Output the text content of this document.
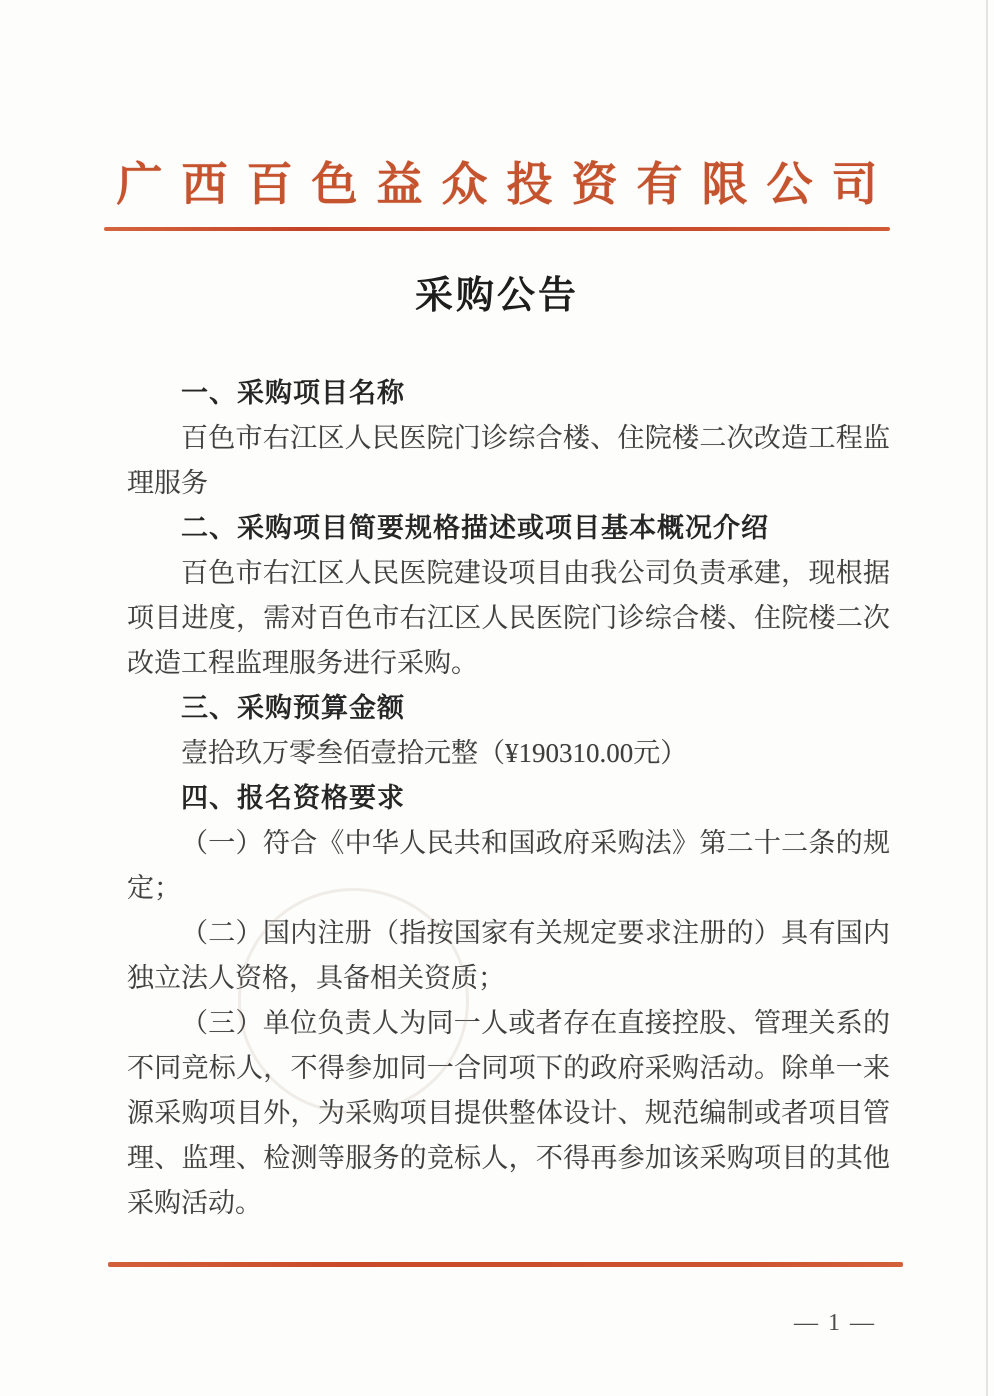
广西百色益众投资有限公司
采购公告
一、采购项目名称

百色市右江区人民医院门诊综合楼、住院楼二次改造工程监理服务

二、采购项目简要规格描述或项目基本概况介绍

百色市右江区人民医院建设项目由我公司负责承建，现根据项目进度，需对百色市右江区人民医院门诊综合楼、住院楼二次改造工程监理服务进行采购。

三、采购预算金额

壹拾玖万零叁佰壹拾元整（¥190310.00元）

四、报名资格要求

（一）符合《中华人民共和国政府采购法》第二十二条的规定；

（二）国内注册（指按国家有关规定要求注册的）具有国内独立法人资格，具备相关资质；

（三）单位负责人为同一人或者存在直接控股、管理关系的不同竞标人，不得参加同一合同项下的政府采购活动。除单一来源采购项目外，为采购项目提供整体设计、规范编制或者项目管理、监理、检测等服务的竞标人，不得再参加该采购项目的其他采购活动。

— 1 —
